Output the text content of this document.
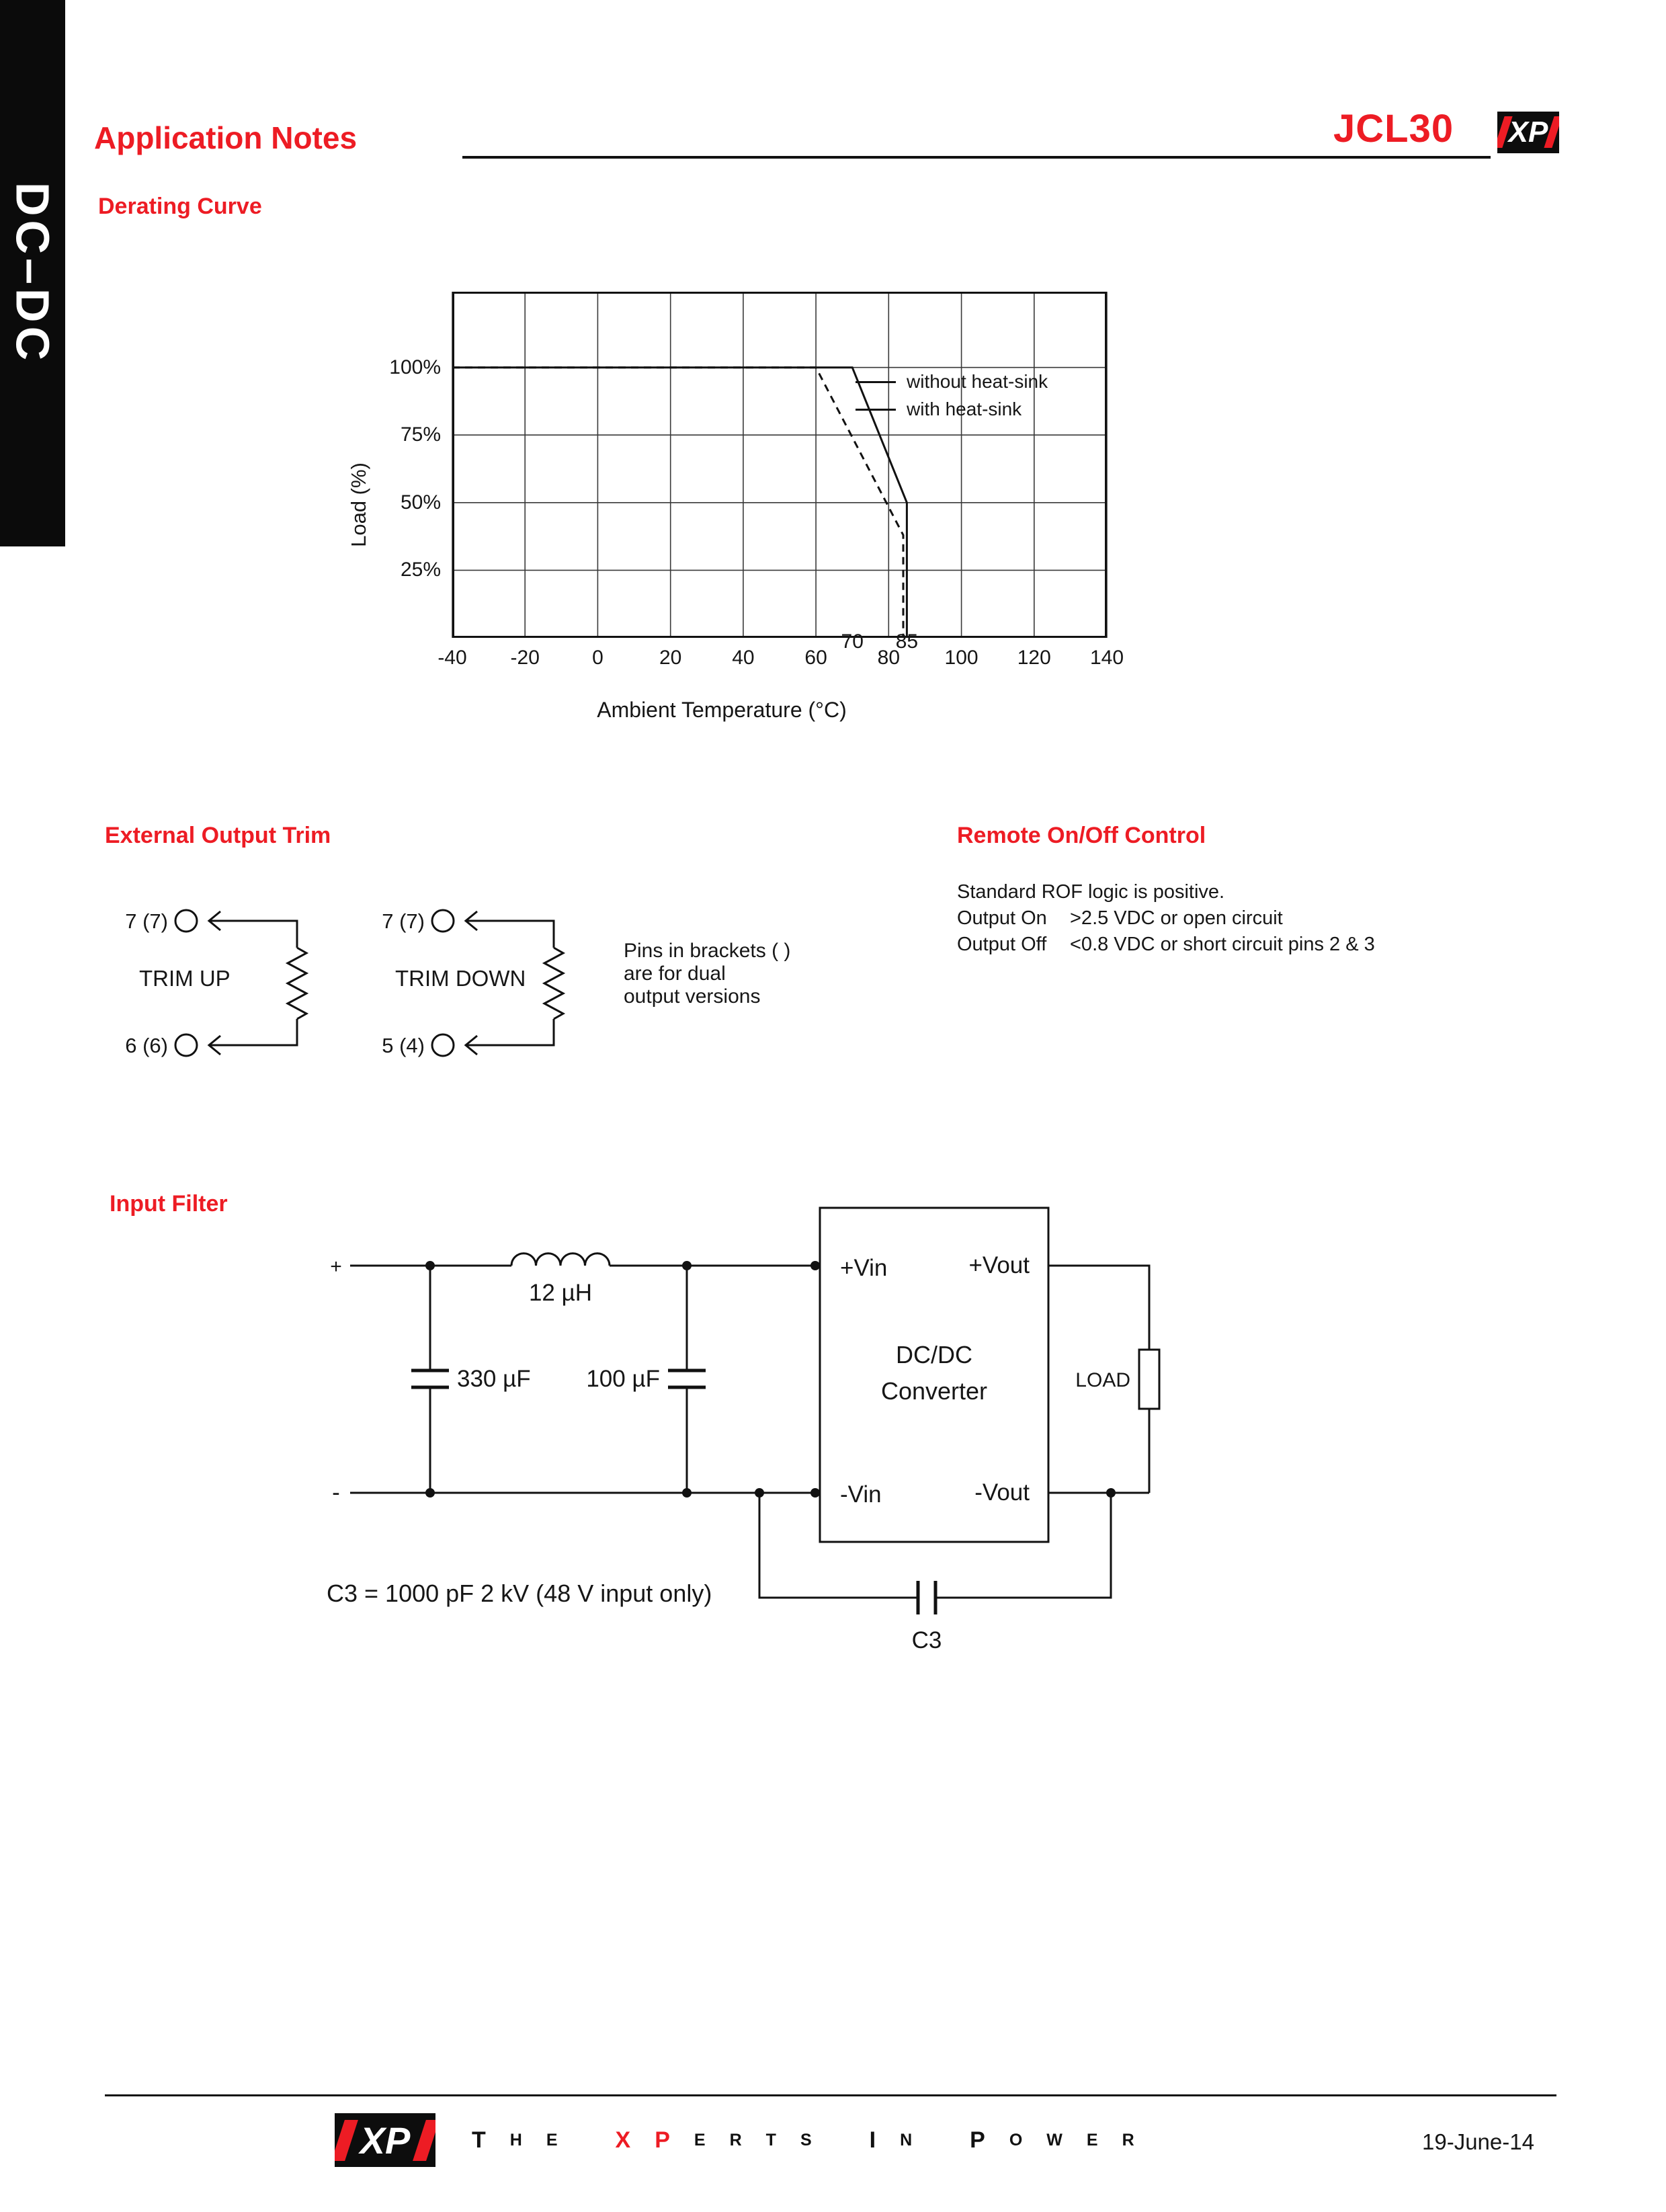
DC–DC
Application Notes	JCL30 XP
Derating Curve
without heat-sink
with heat-sink
-40 -20	0	20 40 60 80 100 120 140
70 85
100%
75%
50%
25%
Load (%)
Ambient Temperature (°C)
External Output Trim
7 (7)
6 (6)
TRIM UP
7 (7)
5 (4)
TRIM DOWN
Pins in brackets ( )
are for dual
output versions
Remote On/Off Control
Standard ROF logic is positive.
Output On >2.5 VDC or open circuit
Output Off <0.8 VDC or short circuit pins 2 & 3
Input Filter
+
-
12 µH
330 µF 100 µF
+Vin	+Vout
DC/DC
Converter
-Vin	-Vout
LOAD
C3
C3 = 1000 pF 2 kV (48 V input only)
XP	T H E	X P E R T S	I N	P O W E R	19-June-14
